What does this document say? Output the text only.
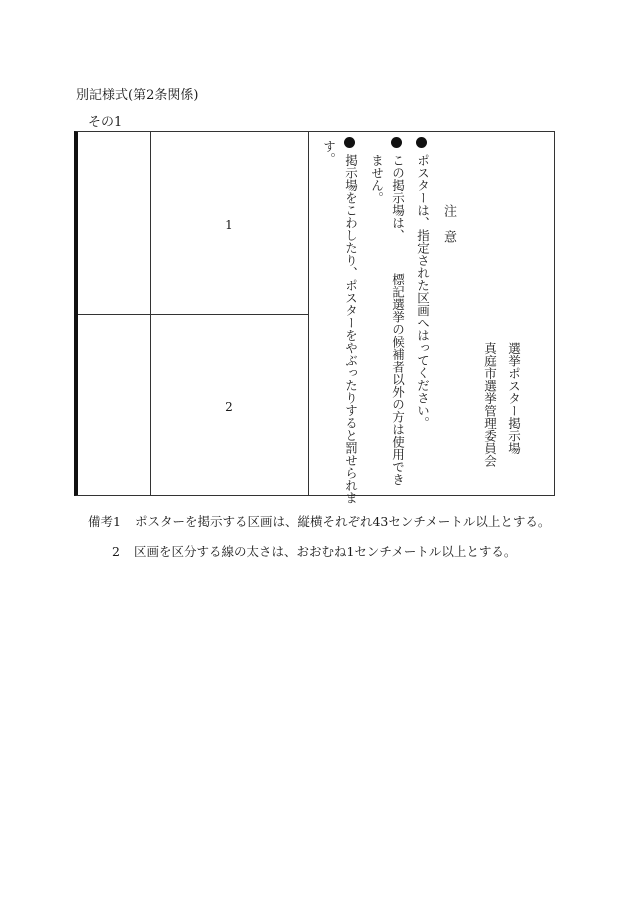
別記様式(第2条関係)
その1
1
2	ポスターは、指定された区画へはってください。
この掲示場は、　　　標記選挙の候補者以外の方は使用でき
ません。
掲示場をこわしたり、ポスターをやぶったりすると罰せられま
す。
注　意
選挙ポスター掲示場
真庭市選挙管理委員会
備考1 ポスターを掲示する区画は、縦横それぞれ43センチメートル以上とする。
2 区画を区分する線の太さは、おおむね1センチメートル以上とする。
